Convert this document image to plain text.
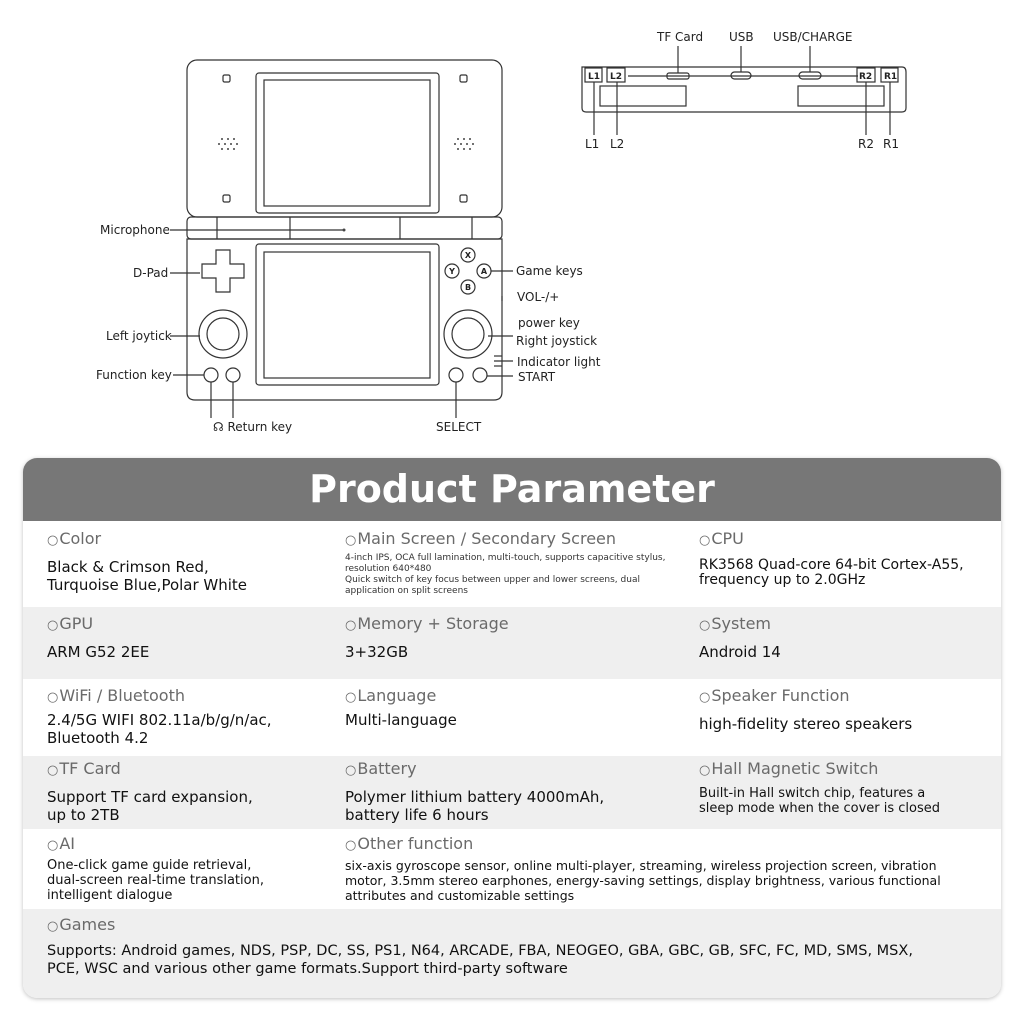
X
Y	A
B
Microphone
D-Pad
Left joytick
Function key
☊ Return key
Game keys
VOL-/+
power key
Right joystick
Indicator light
START
SELECT
TF Card USB USB/CHARGE
L1 L2	R2 R1
L1 L2	R2 R1
Product Parameter
○ Color
Black & Crimson Red,
Turquoise Blue,Polar White
○ Main Screen / Secondary Screen
4-inch IPS, OCA full lamination, multi-touch, supports capacitive stylus, resolution 640*480
Quick switch of key focus between upper and lower screens, dual application on split screens
○ CPU
RK3568 Quad-core 64-bit Cortex-A55,
frequency up to 2.0GHz
○ GPU
ARM G52 2EE
○ Memory + Storage
3+32GB
○ System
Android 14
○ WiFi / Bluetooth
2.4/5G WIFI 802.11a/b/g/n/ac,
Bluetooth 4.2
○ Language
Multi-language
○ Speaker Function
high-fidelity stereo speakers
○ TF Card
Support TF card expansion,
up to 2TB
○ Battery
Polymer lithium battery 4000mAh,
battery life 6 hours
○ Hall Magnetic Switch
Built-in Hall switch chip, features a
sleep mode when the cover is closed
○ AI
One-click game guide retrieval,
dual-screen real-time translation,
intelligent dialogue
○ Other function
six-axis gyroscope sensor, online multi-player, streaming, wireless projection screen, vibration
motor, 3.5mm stereo earphones, energy-saving settings, display brightness, various functional
attributes and customizable settings
○ Games
Supports: Android games, NDS, PSP, DC, SS, PS1, N64, ARCADE, FBA, NEOGEO, GBA, GBC, GB, SFC, FC, MD, SMS, MSX,
PCE, WSC and various other game formats.Support third-party software
